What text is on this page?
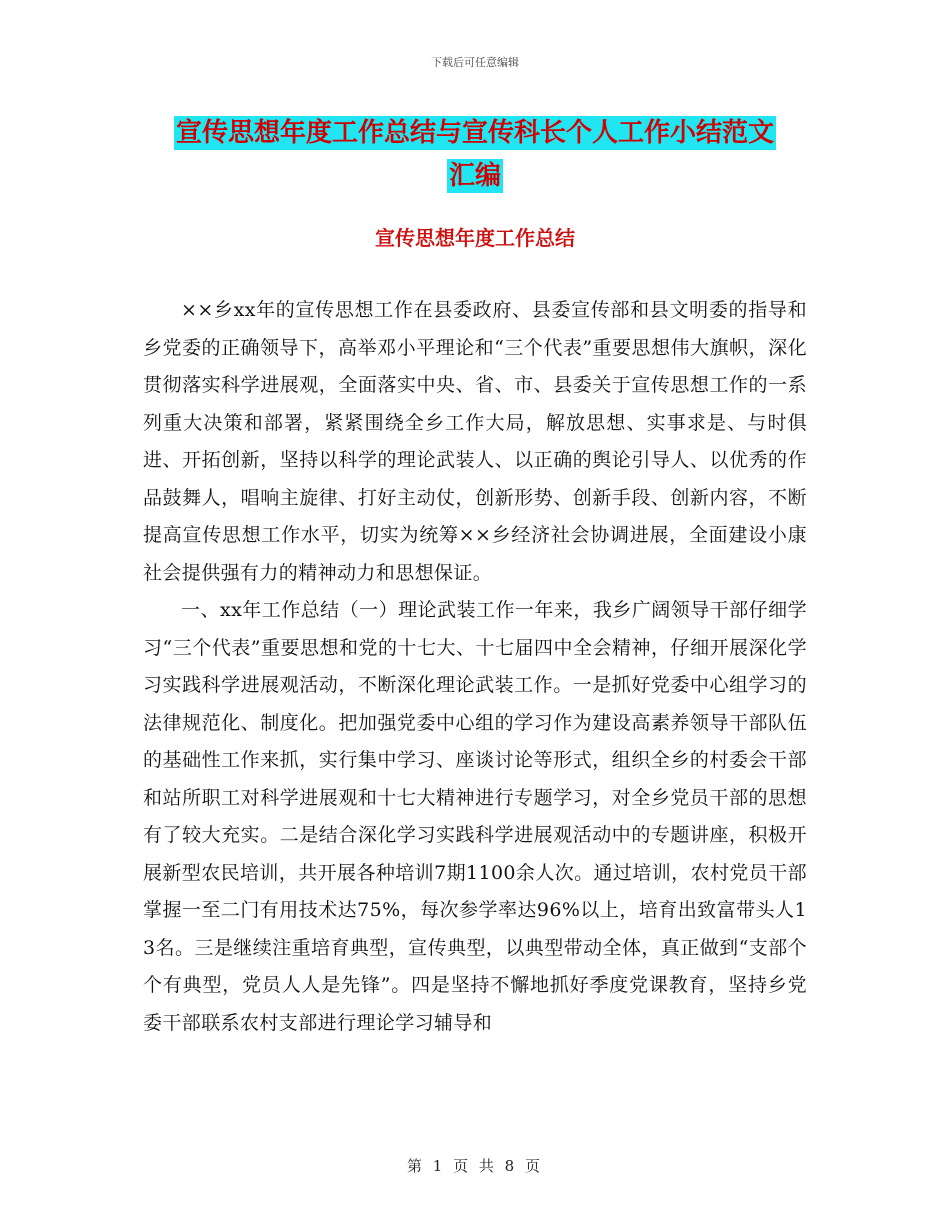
下载后可任意编辑
宣传思想年度工作总结与宣传科长个人工作小结范文
汇编
宣传思想年度工作总结

××乡xx年的宣传思想工作在县委政府、县委宣传部和县文明委的指导和乡党委的正确领导下，高举邓小平理论和“三个代表”重要思想伟大旗帜，深化贯彻落实科学进展观，全面落实中央、省、市、县委关于宣传思想工作的一系列重大决策和部署，紧紧围绕全乡工作大局，解放思想、实事求是、与时俱进、开拓创新，坚持以科学的理论武装人、以正确的舆论引导人、以优秀的作品鼓舞人，唱响主旋律、打好主动仗，创新形势、创新手段、创新内容，不断提高宣传思想工作水平，切实为统筹××乡经济社会协调进展，全面建设小康社会提供强有力的精神动力和思想保证。

一、xx年工作总结（一）理论武装工作一年来，我乡广阔领导干部仔细学习“三个代表”重要思想和党的十七大、十七届四中全会精神，仔细开展深化学习实践科学进展观活动，不断深化理论武装工作。一是抓好党委中心组学习的法律规范化、制度化。把加强党委中心组的学习作为建设高素养领导干部队伍的基础性工作来抓，实行集中学习、座谈讨论等形式，组织全乡的村委会干部和站所职工对科学进展观和十七大精神进行专题学习，对全乡党员干部的思想有了较大充实。二是结合深化学习实践科学进展观活动中的专题讲座，积极开展新型农民培训，共开展各种培训7期1100余人次。通过培训，农村党员干部掌握一至二门有用技术达75%，每次参学率达96%以上，培育出致富带头人13名。三是继续注重培育典型，宣传典型，以典型带动全体，真正做到“支部个个有典型，党员人人是先锋”。四是坚持不懈地抓好季度党课教育，坚持乡党委干部联系农村支部进行理论学习辅导和

第 1 页 共 8 页
